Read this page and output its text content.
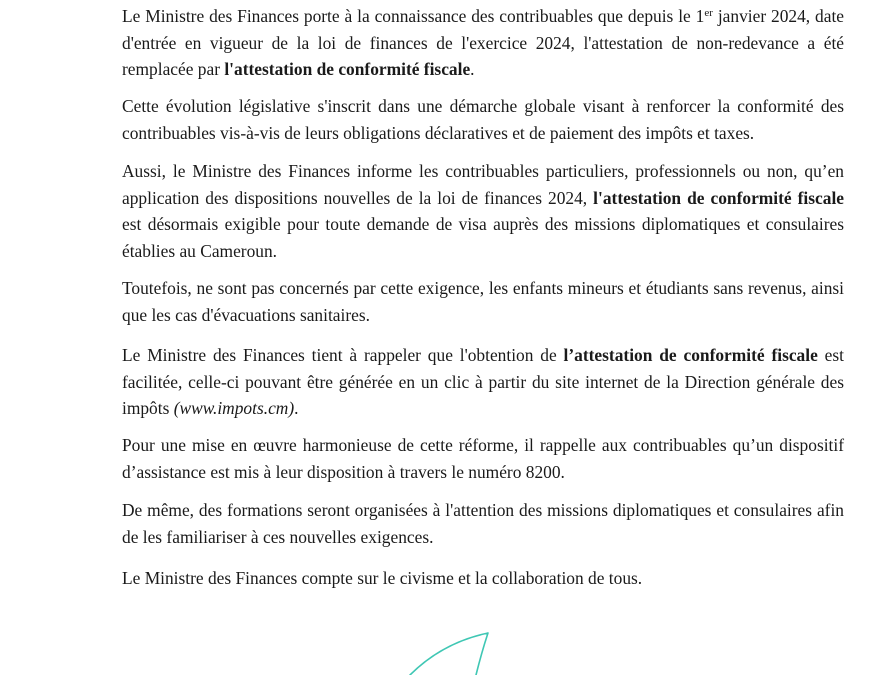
Le Ministre des Finances porte à la connaissance des contribuables que depuis le 1er janvier 2024, date d'entrée en vigueur de la loi de finances de l'exercice 2024, l'attestation de non-redevance a été remplacée par l'attestation de conformité fiscale.

Cette évolution législative s'inscrit dans une démarche globale visant à renforcer la conformité des contribuables vis-à-vis de leurs obligations déclaratives et de paiement des impôts et taxes.

Aussi, le Ministre des Finances informe les contribuables particuliers, professionnels ou non, qu’en application des dispositions nouvelles de la loi de finances 2024, l'attestation de conformité fiscale est désormais exigible pour toute demande de visa auprès des missions diplomatiques et consulaires établies au Cameroun.

Toutefois, ne sont pas concernés par cette exigence, les enfants mineurs et étudiants sans revenus, ainsi que les cas d'évacuations sanitaires.

Le Ministre des Finances tient à rappeler que l'obtention de l’attestation de conformité fiscale est facilitée, celle-ci pouvant être générée en un clic à partir du site internet de la Direction générale des impôts (www.impots.cm).

Pour une mise en œuvre harmonieuse de cette réforme, il rappelle aux contribuables qu’un dispositif d’assistance est mis à leur disposition à travers le numéro 8200.

De même, des formations seront organisées à l'attention des missions diplomatiques et consulaires afin de les familiariser à ces nouvelles exigences.

Le Ministre des Finances compte sur le civisme et la collaboration de tous.
